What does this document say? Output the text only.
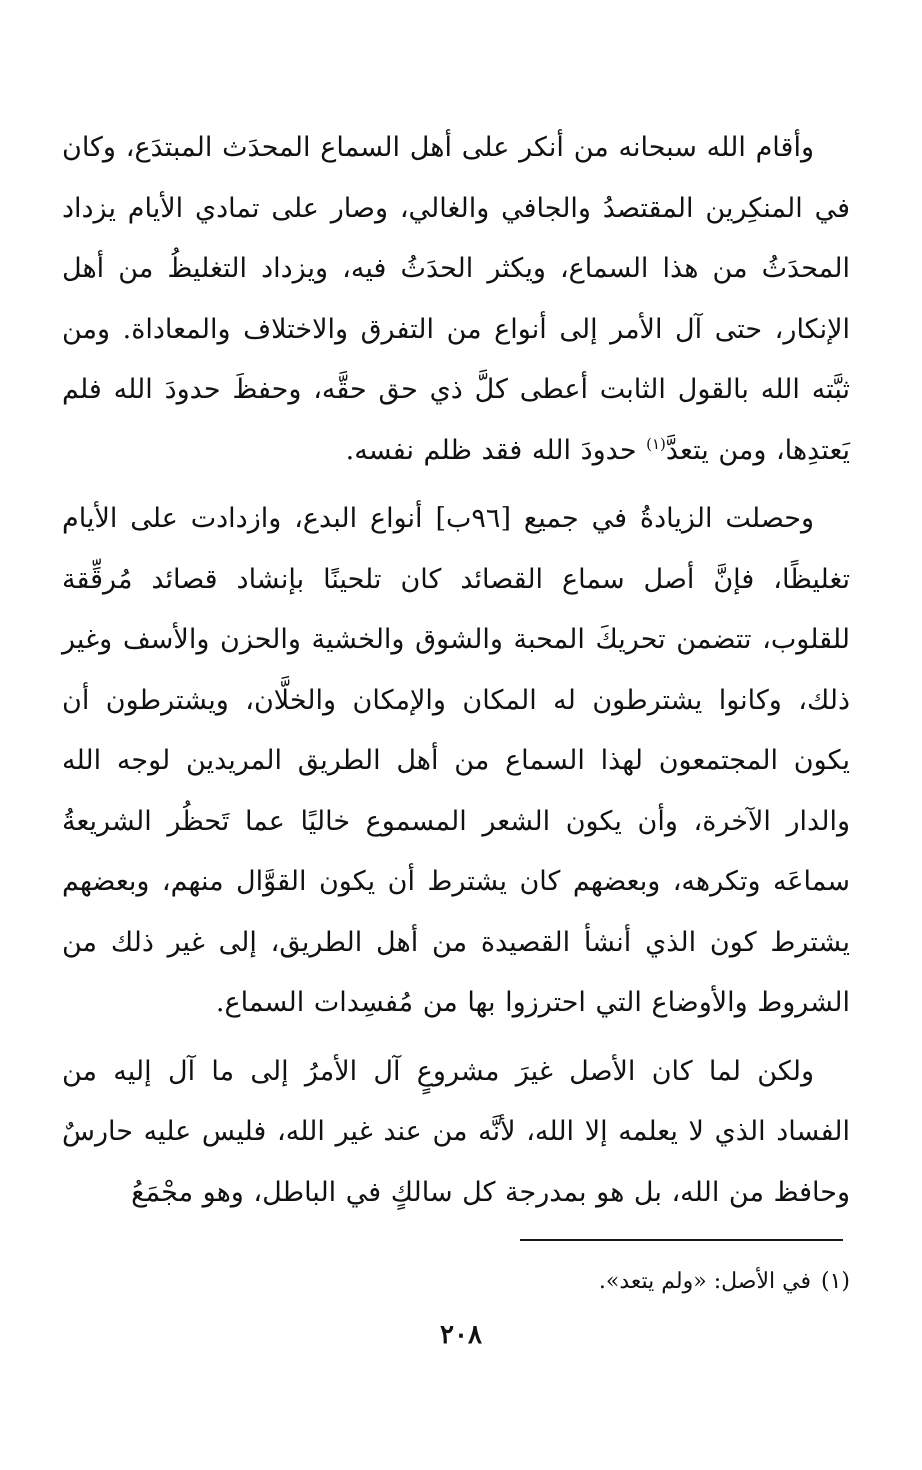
وأقام الله سبحانه من أنكر على أهل السماع المحدَث المبتدَع، وكان في المنكِرين المقتصدُ والجافي والغالي، وصار على تمادي الأيام يزداد المحدَثُ من هذا السماع، ويكثر الحدَثُ فيه، ويزداد التغليظُ من أهل الإنكار، حتى آل الأمر إلى أنواع من التفرق والاختلاف والمعاداة. ومن ثبَّته الله بالقول الثابت أعطى كلَّ ذي حق حقَّه، وحفظَ حدودَ الله فلم يَعتدِها، ومن يتعدَّ$^{(١)}$ حدودَ الله فقد ظلم نفسه.

وحصلت الزيادةُ في جميع [٩٦ب] أنواع البدع، وازدادت على الأيام تغليظًا، فإنَّ أصل سماع القصائد كان تلحينًا بإنشاد قصائد مُرقِّقة للقلوب، تتضمن تحريكَ المحبة والشوق والخشية والحزن والأسف وغير ذلك، وكانوا يشترطون له المكان والإمكان والخلَّان، ويشترطون أن يكون المجتمعون لهذا السماع من أهل الطريق المريدين لوجه الله والدار الآخرة، وأن يكون الشعر المسموع خاليًا عما تَحظُر الشريعةُ سماعَه وتكرهه، وبعضهم كان يشترط أن يكون القوَّال منهم، وبعضهم يشترط كون الذي أنشأ القصيدة من أهل الطريق، إلى غير ذلك من الشروط والأوضاع التي احترزوا بها من مُفسِدات السماع.

ولكن لما كان الأصل غيرَ مشروعٍ آل الأمرُ إلى ما آل إليه من الفساد الذي لا يعلمه إلا الله، لأنَّه من عند غير الله، فليس عليه حارسٌ وحافظ من الله، بل هو بمدرجة كل سالكٍ في الباطل، وهو مجْمَعُ

(١)في الأصل: «ولم يتعد».
٢٠٨
